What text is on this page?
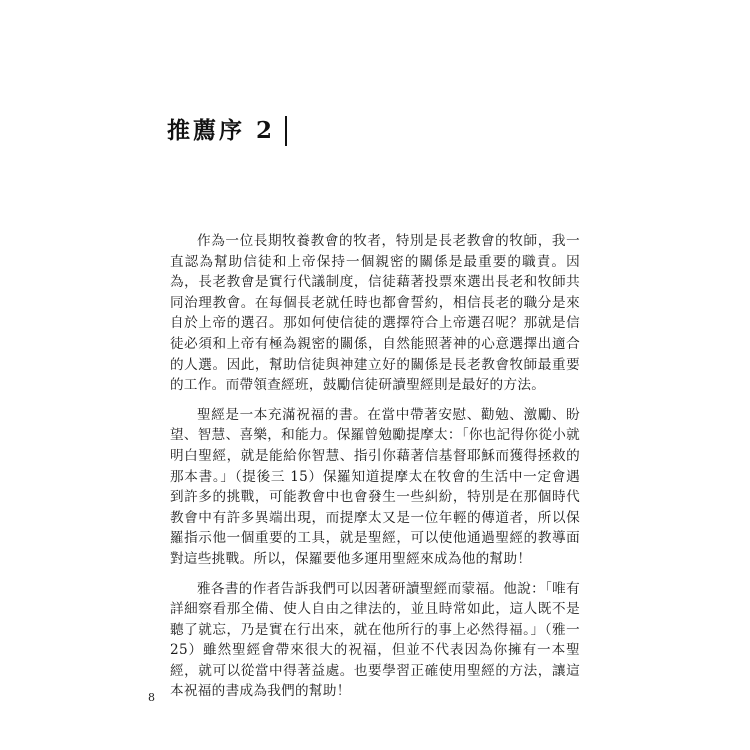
推薦序 2

作為一位長期牧養教會的牧者，特別是長老教會的牧師，我一直認為幫助信徒和上帝保持一個親密的關係是最重要的職責。因為，長老教會是實行代議制度，信徒藉著投票來選出長老和牧師共同治理教會。在每個長老就任時也都會誓約，相信長老的職分是來自於上帝的選召。那如何使信徒的選擇符合上帝選召呢？那就是信徒必須和上帝有極為親密的關係，自然能照著神的心意選擇出適合的人選。因此，幫助信徒與神建立好的關係是長老教會牧師最重要的工作。而帶領查經班，鼓勵信徒研讀聖經則是最好的方法。

聖經是一本充滿祝福的書。在當中帶著安慰、勸勉、激勵、盼望、智慧、喜樂，和能力。保羅曾勉勵提摩太：「你也記得你從小就明白聖經，就是能給你智慧、指引你藉著信基督耶穌而獲得拯救的那本書。」（提後三 15）保羅知道提摩太在牧會的生活中一定會遇到許多的挑戰，可能教會中也會發生一些糾紛，特別是在那個時代教會中有許多異端出現，而提摩太又是一位年輕的傳道者，所以保羅指示他一個重要的工具，就是聖經，可以使他通過聖經的教導面對這些挑戰。所以，保羅要他多運用聖經來成為他的幫助！

雅各書的作者告訴我們可以因著研讀聖經而蒙福。他說：「唯有詳細察看那全備、使人自由之律法的，並且時常如此，這人既不是聽了就忘，乃是實在行出來，就在他所行的事上必然得福。」（雅一 25）雖然聖經會帶來很大的祝福，但並不代表因為你擁有一本聖經，就可以從當中得著益處。也要學習正確使用聖經的方法，讓這本祝福的書成為我們的幫助！

8
